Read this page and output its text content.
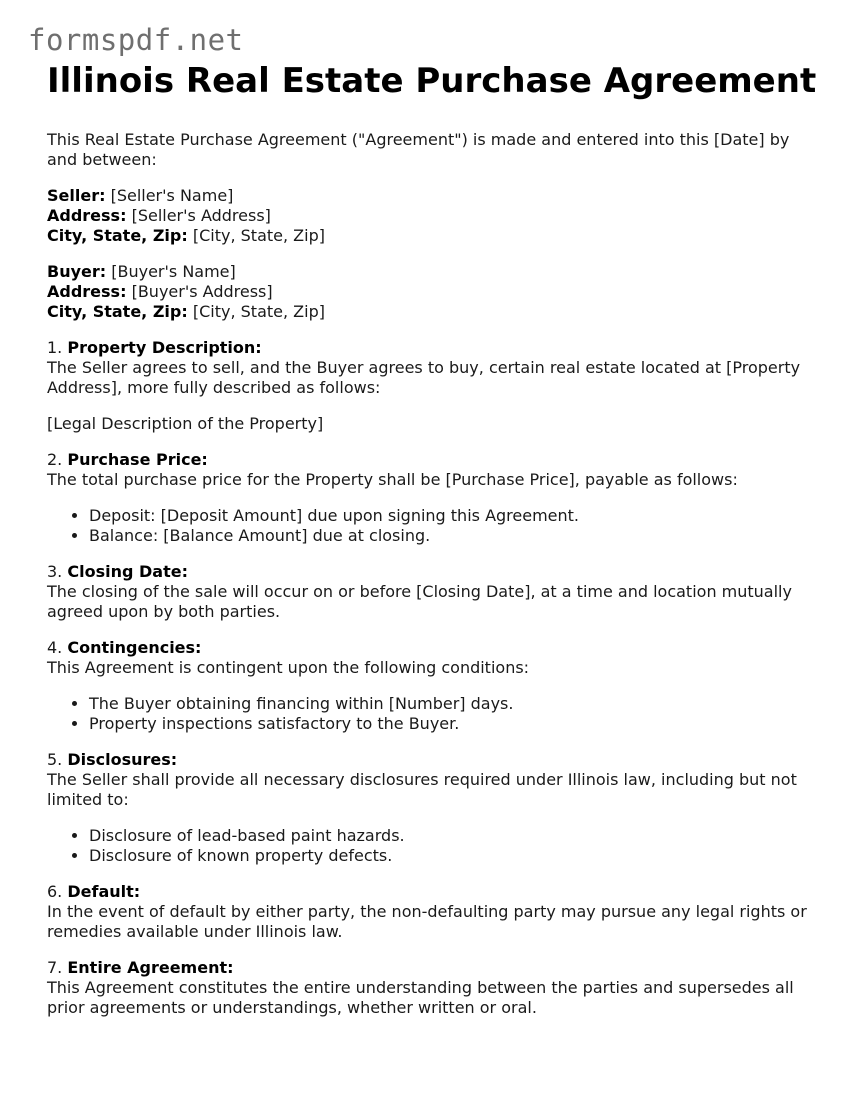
formspdf.net
Illinois Real Estate Purchase Agreement

This Real Estate Purchase Agreement ("Agreement") is made and entered into this [Date] by and between:

Seller: [Seller's Name]
Address: [Seller's Address]
City, State, Zip: [City, State, Zip]

Buyer: [Buyer's Name]
Address: [Buyer's Address]
City, State, Zip: [City, State, Zip]

1. Property Description:
The Seller agrees to sell, and the Buyer agrees to buy, certain real estate located at [Property Address], more fully described as follows:

[Legal Description of the Property]

2. Purchase Price:
The total purchase price for the Property shall be [Purchase Price], payable as follows:

• Deposit: [Deposit Amount] due upon signing this Agreement.
• Balance: [Balance Amount] due at closing.

3. Closing Date:
The closing of the sale will occur on or before [Closing Date], at a time and location mutually agreed upon by both parties.

4. Contingencies:
This Agreement is contingent upon the following conditions:

• The Buyer obtaining financing within [Number] days.
• Property inspections satisfactory to the Buyer.

5. Disclosures:
The Seller shall provide all necessary disclosures required under Illinois law, including but not limited to:

• Disclosure of lead-based paint hazards.
• Disclosure of known property defects.

6. Default:
In the event of default by either party, the non-defaulting party may pursue any legal rights or remedies available under Illinois law.

7. Entire Agreement:
This Agreement constitutes the entire understanding between the parties and supersedes all prior agreements or understandings, whether written or oral.
